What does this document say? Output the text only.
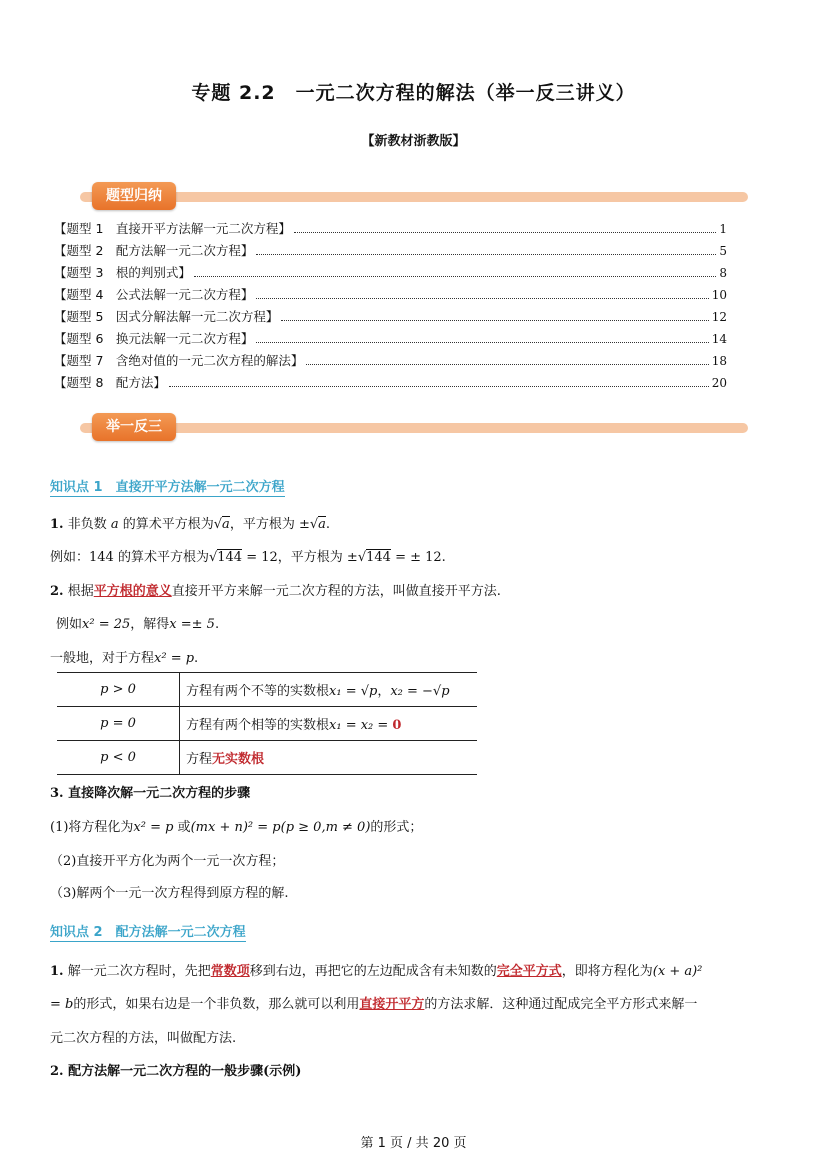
专题 2.2　一元二次方程的解法（举一反三讲义）
【新教材浙教版】
题型归纳
【题型 1　直接开平方法解一元二次方程】	1
【题型 2　配方法解一元二次方程】	5
【题型 3　根的判别式】	8
【题型 4　公式法解一元二次方程】	10
【题型 5　因式分解法解一元二次方程】	12
【题型 6　换元法解一元二次方程】	14
【题型 7　含绝对值的一元二次方程的解法】	18
【题型 8　配方法】	20
举一反三
知识点 1　直接开平方法解一元二次方程
1. 非负数 a 的算术平方根为√a，平方根为 ±√a.
例如：144 的算术平方根为√144 = 12，平方根为 ±√144 = ± 12.
2. 根据平方根的意义直接开平方来解一元二次方程的方法，叫做直接开平方法.
例如x² = 25，解得x =± 5.
一般地，对于方程x² = p.
p > 0	方程有两个不等的实数根x₁ = √p，x₂ = −√p
p = 0	方程有两个相等的实数根x₁ = x₂ = 0
p < 0	方程无实数根
3. 直接降次解一元二次方程的步骤
(1)将方程化为x² = p 或(mx + n)² = p(p ≥ 0,m ≠ 0)的形式；
（2)直接开平方化为两个一元一次方程；
（3)解两个一元一次方程得到原方程的解.
知识点 2　配方法解一元二次方程
1. 解一元二次方程时，先把常数项移到右边，再把它的左边配成含有未知数的完全平方式，即将方程化为(x + a)²
= b的形式，如果右边是一个非负数，那么就可以利用直接开平方的方法求解．这种通过配成完全平方形式来解一
元二次方程的方法，叫做配方法.
2. 配方法解一元二次方程的一般步骤(示例)
第 1 页 / 共 20 页
